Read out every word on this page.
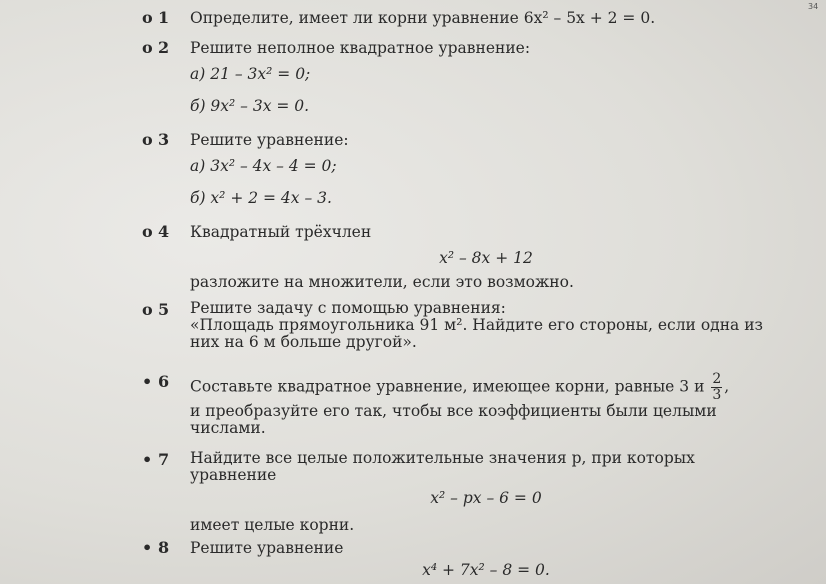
34
o 1	Определите, имеет ли корни уравнение 6x² – 5x + 2 = 0.
o 2	Решите неполное квадратное уравнение:
а) 21 – 3x² = 0;
б) 9x² – 3x = 0.
o 3	Решите уравнение:
а) 3x² – 4x – 4 = 0;
б) x² + 2 = 4x – 3.
o 4	Квадратный трёхчлен
x² – 8x + 12
разложите на множители, если это возможно.
o 5	Решите задачу с помощью уравнения:
«Площадь прямоугольника 91 м². Найдите его стороны, если одна из них на 6 м больше другой».
• 6	Составьте квадратное уравнение, имеющее корни, равные 3 и $\frac{2}{3}$ ,
и преобразуйте его так, чтобы все коэффициенты были целыми числами.
• 7	Найдите все целые положительные значения p, при которых уравнение
x² – px – 6 = 0
имеет целые корни.
• 8	Решите уравнение
x⁴ + 7x² – 8 = 0.
